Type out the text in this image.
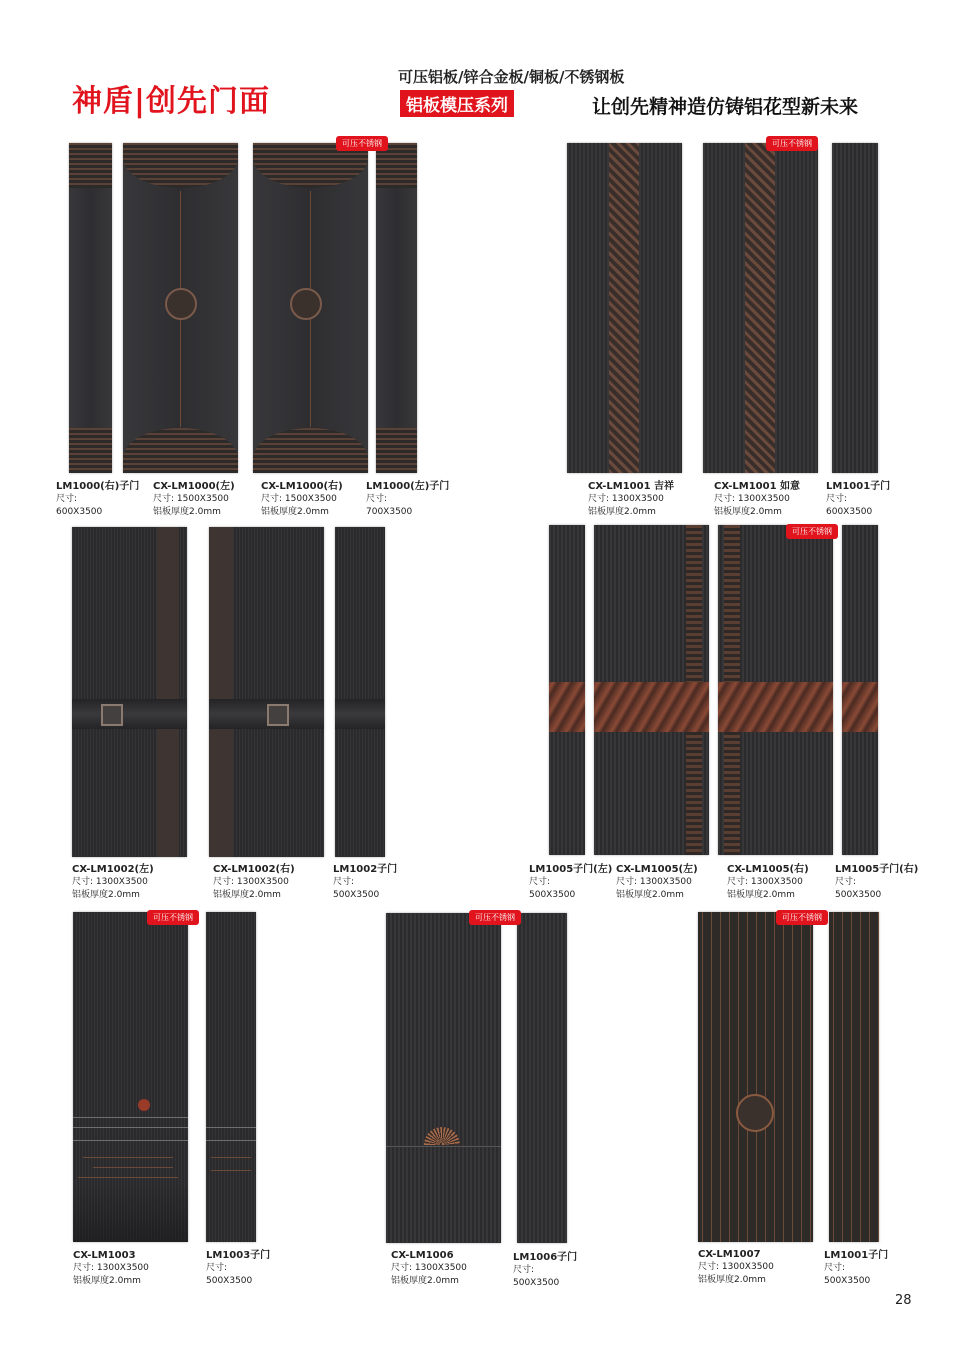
神盾|创先门面
可压铝板/锌合金板/铜板/不锈钢板
铝板模压系列	让创先精神造仿铸铝花型新未来
可压不锈钢
LM1000(右)子门
尺寸:
600X3500
CX-LM1000(左)
尺寸: 1500X3500
铝板厚度2.0mm
CX-LM1000(右)
尺寸: 1500X3500
铝板厚度2.0mm
LM1000(左)子门
尺寸:
700X3500
可压不锈钢
CX-LM1001 吉祥
尺寸: 1300X3500
铝板厚度2.0mm
CX-LM1001 如意
尺寸: 1300X3500
铝板厚度2.0mm
LM1001子门
尺寸:
600X3500
CX-LM1002(左)
尺寸: 1300X3500
铝板厚度2.0mm
CX-LM1002(右)
尺寸: 1300X3500
铝板厚度2.0mm
LM1002子门
尺寸:
500X3500
可压不锈钢
LM1005子门(左)
尺寸:
500X3500
CX-LM1005(左)
尺寸: 1300X3500
铝板厚度2.0mm
CX-LM1005(右)
尺寸: 1300X3500
铝板厚度2.0mm
LM1005子门(右)
尺寸:
500X3500
可压不锈钢
CX-LM1003
尺寸: 1300X3500
铝板厚度2.0mm
LM1003子门
尺寸:
500X3500
可压不锈钢
CX-LM1006
尺寸: 1300X3500
铝板厚度2.0mm
LM1006子门
尺寸:
500X3500
可压不锈钢
CX-LM1007
尺寸: 1300X3500
铝板厚度2.0mm
LM1001子门
尺寸:
500X3500
28
